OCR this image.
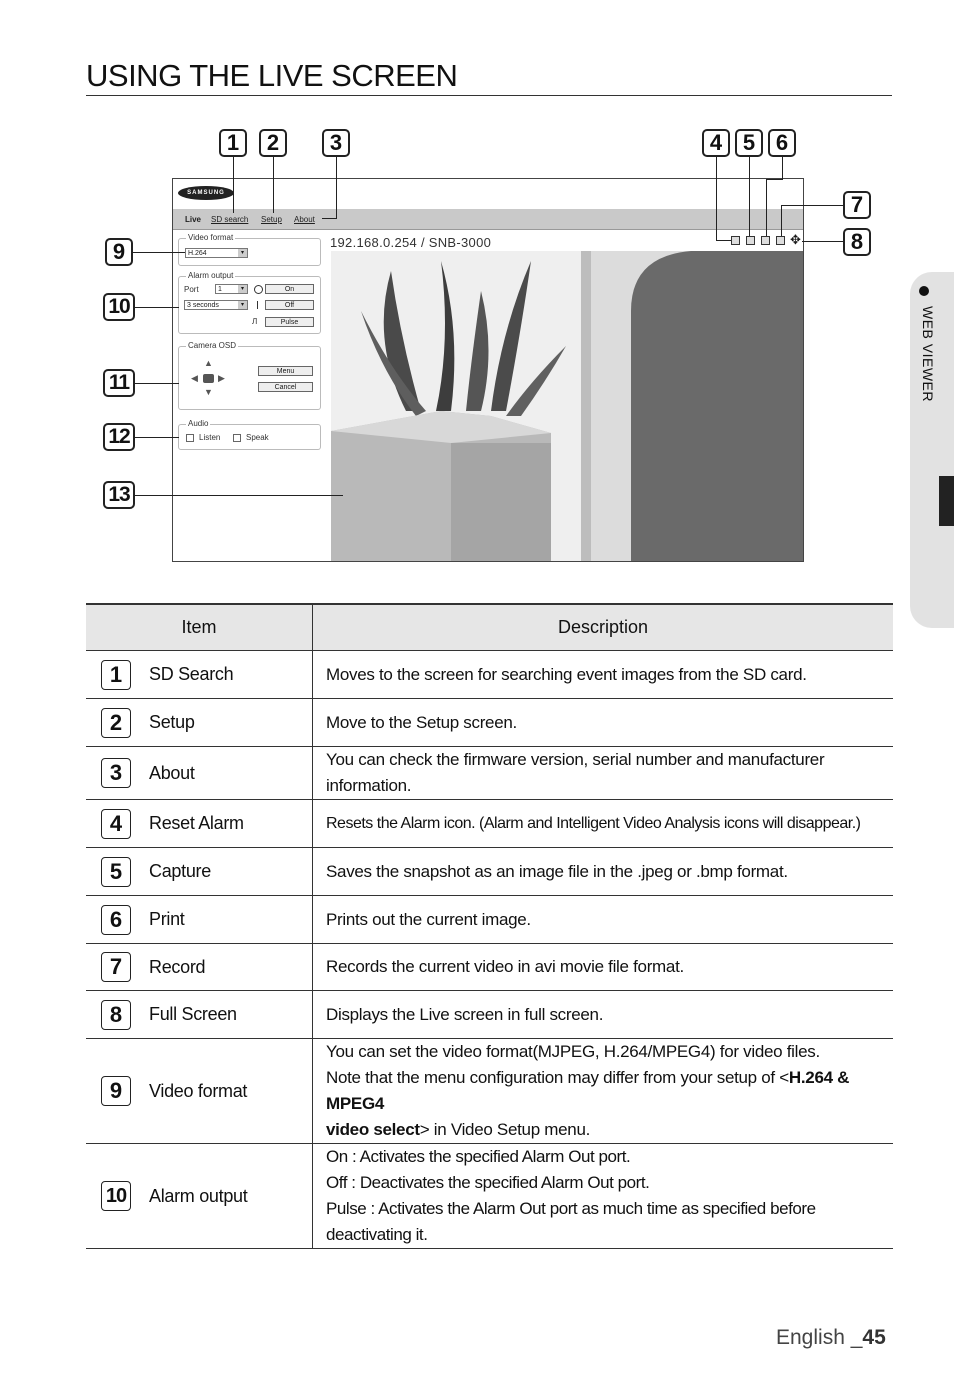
USING THE LIVE SCREEN
WEB VIEWER
SAMSUNG
Live SD search Setup About
192.168.0.254 / SNB-3000	✥
Video format
H.264	▾
Alarm output
Port	1	▾
3 seconds	▾
Л
On
Off
Pulse
Camera OSD
▲
▼
◀ ▶
Menu
Cancel
Audio
Listen	Speak
1	2	3	4 5 6
7
8
9
10
11
12
13
Item	Description

1 SD Search	Moves to the screen for searching event images from the SD card.

2 Setup	Move to the Setup screen.

3 About	You can check the firmware version, serial number and manufacturer information.

4 Reset Alarm	Resets the Alarm icon. (Alarm and Intelligent Video Analysis icons will disappear.)

5 Capture	Saves the snapshot as an image file in the .jpeg or .bmp format.

6 Print	Prints out the current image.

7 Record	Records the current video in avi movie file format.

8 Full Screen	Displays the Live screen in full screen.

9 Video format	You can set the video format(MJPEG, H.264/MPEG4) for video files.
Note that the menu configuration may differ from your setup of <H.264 & MPEG4
video select> in Video Setup menu.

10 Alarm output	On : Activates the specified Alarm Out port.
Off : Deactivates the specified Alarm Out port.
Pulse : Activates the Alarm Out port as much time as specified before deactivating it.
English _45
